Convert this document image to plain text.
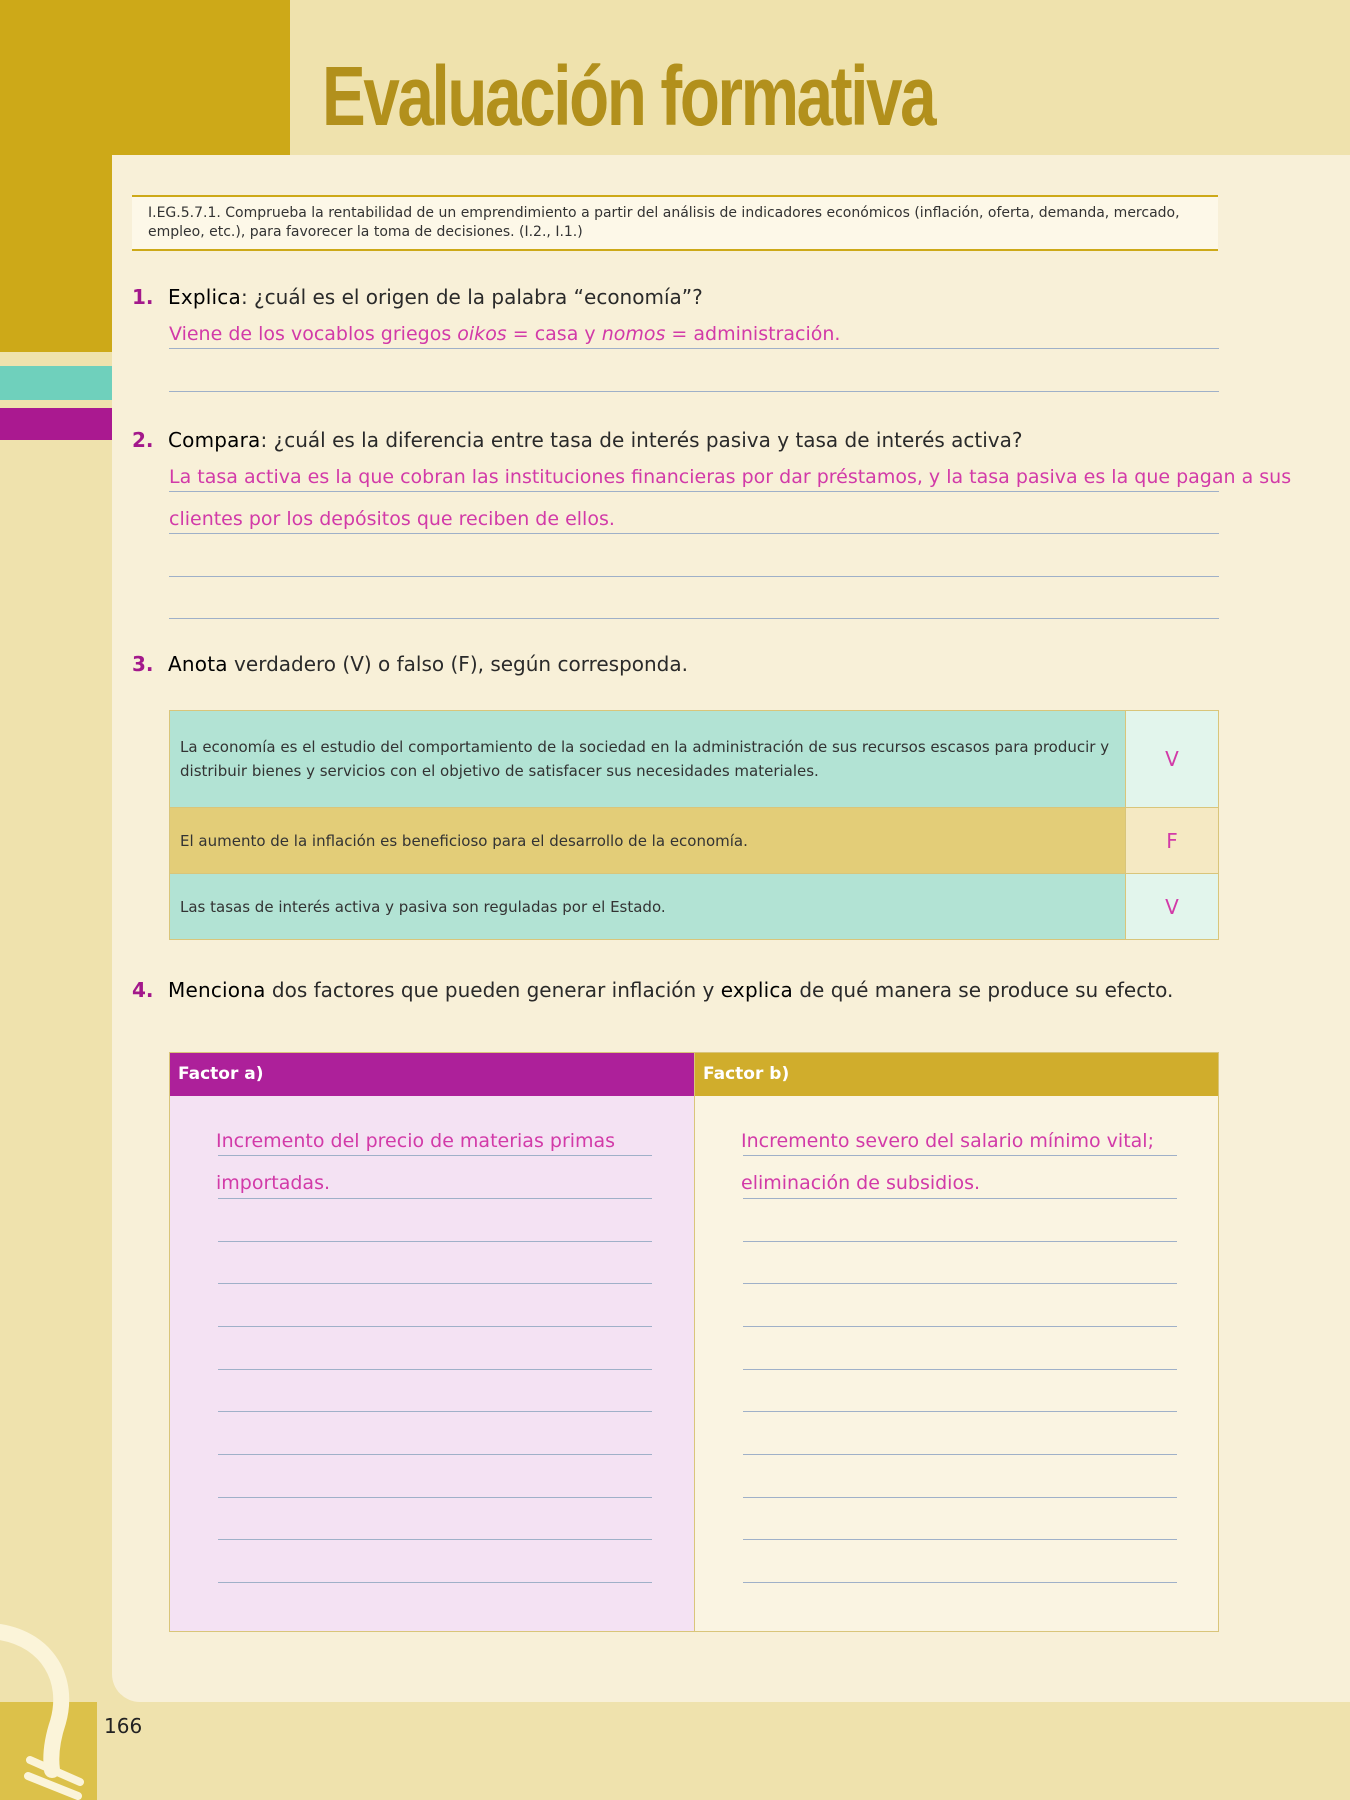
Evaluación formativa
I.EG.5.7.1. Comprueba la rentabilidad de un emprendimiento a partir del análisis de indicadores económicos (inflación, oferta, demanda, mercado, empleo, etc.), para favorecer la toma de decisiones. (I.2., I.1.)
1. Explica: ¿cuál es el origen de la palabra “economía”?
Viene de los vocablos griegos oikos = casa y nomos = administración.
2. Compara: ¿cuál es la diferencia entre tasa de interés pasiva y tasa de interés activa?
La tasa activa es la que cobran las instituciones financieras por dar préstamos, y la tasa pasiva es la que pagan a sus
clientes por los depósitos que reciben de ellos.
3. Anota verdadero (V) o falso (F), según corresponda.
La economía es el estudio del comportamiento de la sociedad en la administración de sus recursos escasos para producir y distribuir bienes y servicios con el objetivo de satisfacer sus necesidades materiales.	V
El aumento de la inflación es beneficioso para el desarrollo de la economía.	F
Las tasas de interés activa y pasiva son reguladas por el Estado.	V
4. Menciona dos factores que pueden generar inflación y explica de qué manera se produce su efecto.
Factor a)
Incremento del precio de materias primas
importadas.
Factor b)
Incremento severo del salario mínimo vital;
eliminación de subsidios.
166
